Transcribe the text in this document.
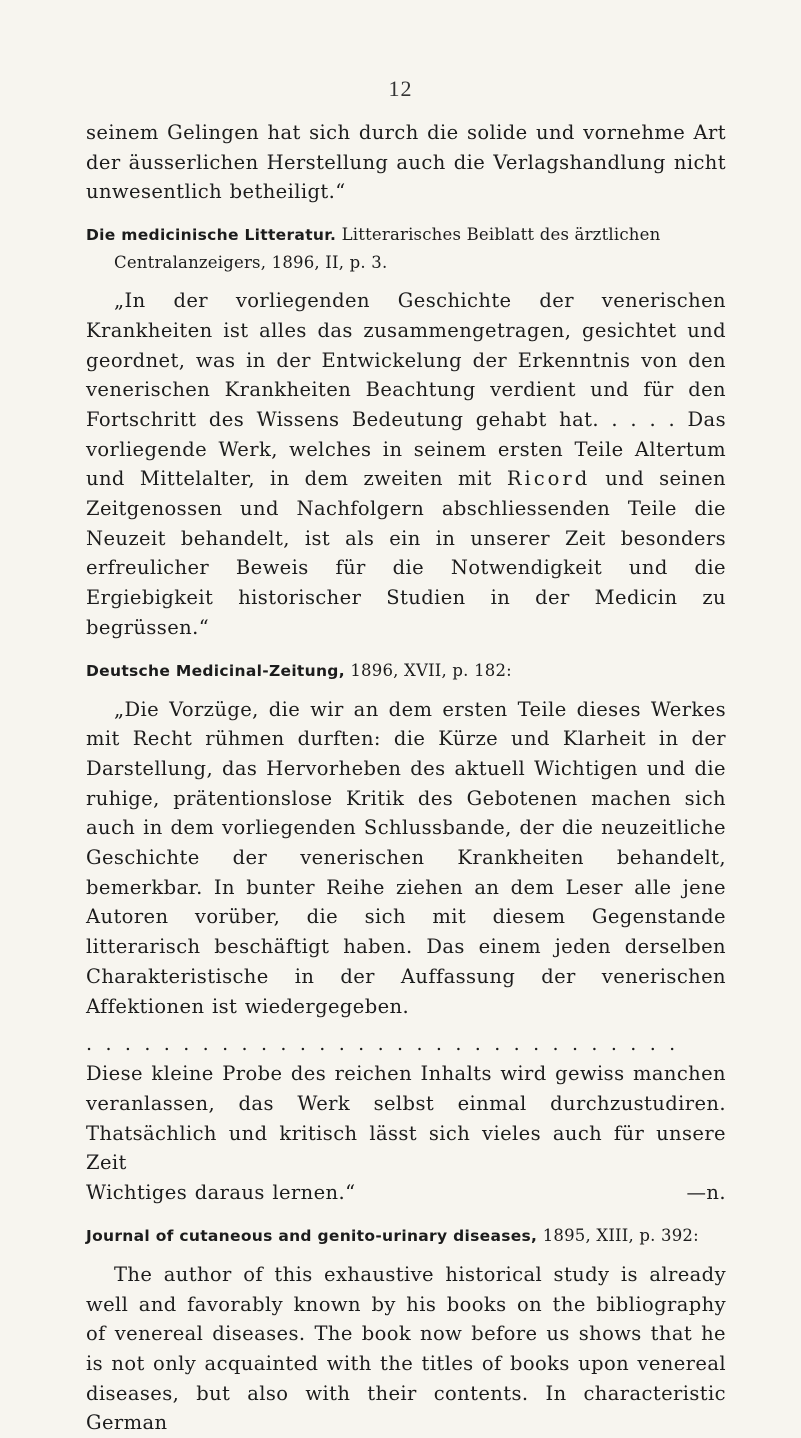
12

seinem Gelingen hat sich durch die solide und vornehme Art der äusserlichen Herstellung auch die Verlagshandlung nicht unwesentlich betheiligt.“

Die medicinische Litteratur. Litterarisches Beiblatt des ärztlichen Centralanzeigers, 1896, II, p. 3.

„In der vorliegenden Geschichte der venerischen Krankheiten ist alles das zusammengetragen, gesichtet und geordnet, was in der Entwickelung der Erkenntnis von den venerischen Krankheiten Beachtung verdient und für den Fortschritt des Wissens Bedeutung gehabt hat. . . . . Das vorliegende Werk, welches in seinem ersten Teile Altertum und Mittelalter, in dem zweiten mit Ricord und seinen Zeitgenossen und Nachfolgern abschliessenden Teile die Neuzeit behandelt, ist als ein in unserer Zeit besonders erfreulicher Beweis für die Notwendigkeit und die Ergiebigkeit historischer Studien in der Medicin zu begrüssen.“

Deutsche Medicinal-Zeitung, 1896, XVII, p. 182:

„Die Vorzüge, die wir an dem ersten Teile dieses Werkes mit Recht rühmen durften: die Kürze und Klarheit in der Darstellung, das Hervorheben des aktuell Wichtigen und die ruhige, prätentionslose Kritik des Gebotenen machen sich auch in dem vorliegenden Schlussbande, der die neuzeitliche Geschichte der venerischen Krankheiten behandelt, bemerkbar. In bunter Reihe ziehen an dem Leser alle jene Autoren vorüber, die sich mit diesem Gegenstande litterarisch beschäftigt haben. Das einem jeden derselben Charakteristische in der Auffassung der venerischen Affektionen ist wiedergegeben.

...............................

Diese kleine Probe des reichen Inhalts wird gewiss manchen veranlassen, das Werk selbst einmal durchzustudiren. Thatsächlich und kritisch lässt sich vieles auch für unsere Zeit

Wichtiges daraus lernen.“	—n.

Journal of cutaneous and genito-urinary diseases, 1895, XIII, p. 392:

The author of this exhaustive historical study is already well and favorably known by his books on the bibliography of venereal diseases. The book now before us shows that he is not only acquainted with the titles of books upon venereal diseases, but also with their contents. In characteristic German
